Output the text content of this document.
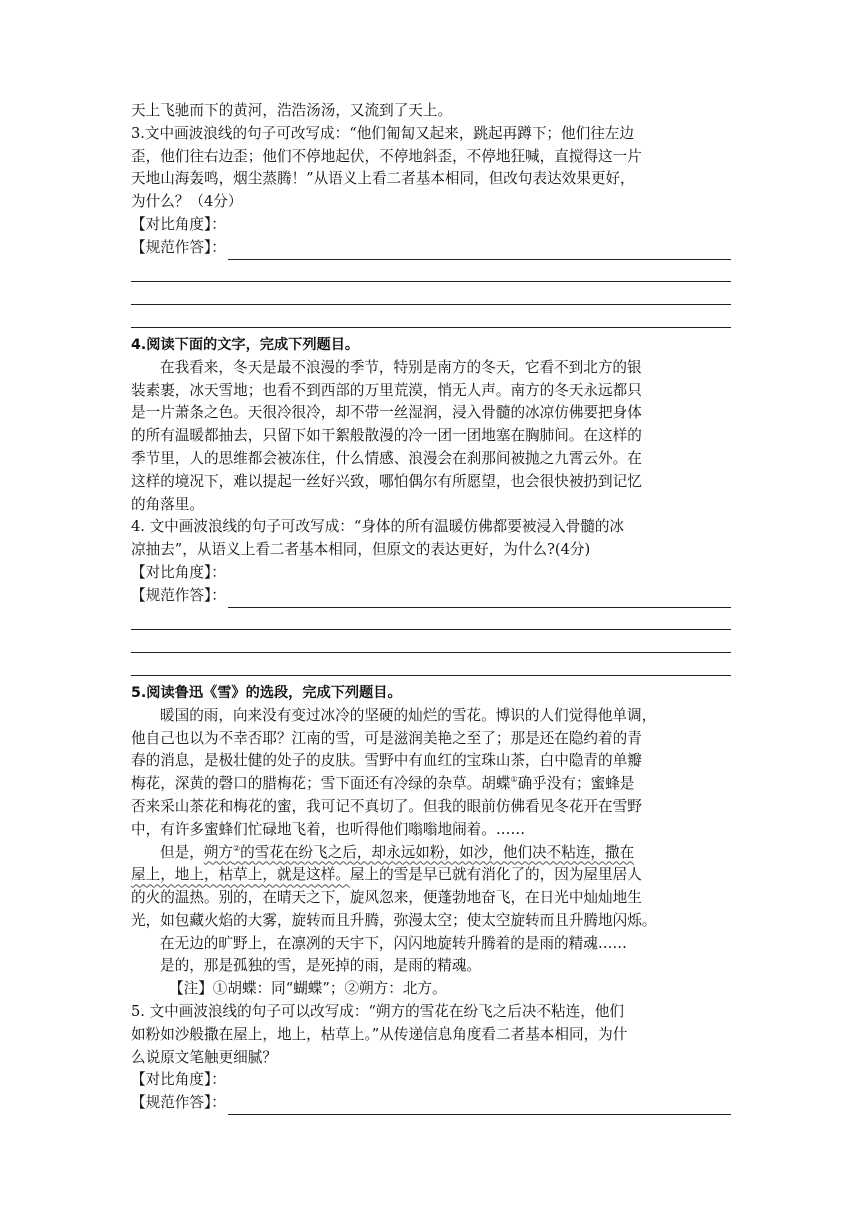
天上飞驰而下的黄河，浩浩汤汤，又流到了天上。
3.文中画波浪线的句子可改写成：“他们匍匐又起来，跳起再蹲下；他们往左边
歪，他们往右边歪；他们不停地起伏，不停地斜歪，不停地狂喊，直搅得这一片
天地山海轰鸣，烟尘蒸腾！”从语义上看二者基本相同，但改句表达效果更好，
为什么？（4分）
【对比角度】：
【规范作答】：
4.阅读下面的文字，完成下列题目。
在我看来，冬天是最不浪漫的季节，特别是南方的冬天，它看不到北方的银
装素裹，冰天雪地；也看不到西部的万里荒漠，悄无人声。南方的冬天永远都只
是一片萧条之色。天很冷很冷，却不带一丝湿润，浸入骨髓的冰凉仿佛要把身体
的所有温暖都抽去，只留下如干絮般散漫的冷一团一团地塞在胸肺间。在这样的
季节里，人的思维都会被冻住，什么情感、浪漫会在刹那间被抛之九霄云外。在
这样的境况下，难以提起一丝好兴致，哪怕偶尔有所愿望，也会很快被扔到记忆
的角落里。
4. 文中画波浪线的句子可改写成：“身体的所有温暖仿佛都要被浸入骨髓的冰
凉抽去”，从语义上看二者基本相同，但原文的表达更好，为什么?(4分)
【对比角度】：
【规范作答】：
5.阅读鲁迅《雪》的选段，完成下列题目。
暖国的雨，向来没有变过冰冷的坚硬的灿烂的雪花。博识的人们觉得他单调，
他自己也以为不幸否耶？江南的雪，可是滋润美艳之至了；那是还在隐约着的青
春的消息，是极壮健的处子的皮肤。雪野中有血红的宝珠山茶，白中隐青的单瓣
梅花，深黄的磬口的腊梅花；雪下面还有冷绿的杂草。胡蝶①确乎没有；蜜蜂是
否来采山茶花和梅花的蜜，我可记不真切了。但我的眼前仿佛看见冬花开在雪野
中，有许多蜜蜂们忙碌地飞着，也听得他们嗡嗡地闹着。……
但是，朔方②的雪花在纷飞之后，却永远如粉，如沙，他们决不粘连，撒在
屋上，地上，枯草上，就是这样。屋上的雪是早已就有消化了的，因为屋里居人
的火的温热。别的，在晴天之下，旋风忽来，便蓬勃地奋飞，在日光中灿灿地生
光，如包藏火焰的大雾，旋转而且升腾，弥漫太空；使太空旋转而且升腾地闪烁。
在无边的旷野上，在凛冽的天宇下，闪闪地旋转升腾着的是雨的精魂……
是的，那是孤独的雪，是死掉的雨，是雨的精魂。
【注】①胡蝶：同“蝴蝶”；②朔方：北方。
5. 文中画波浪线的句子可以改写成：“朔方的雪花在纷飞之后决不粘连，他们
如粉如沙般撒在屋上，地上，枯草上。”从传递信息角度看二者基本相同，为什
么说原文笔触更细腻？
【对比角度】：
【规范作答】：
